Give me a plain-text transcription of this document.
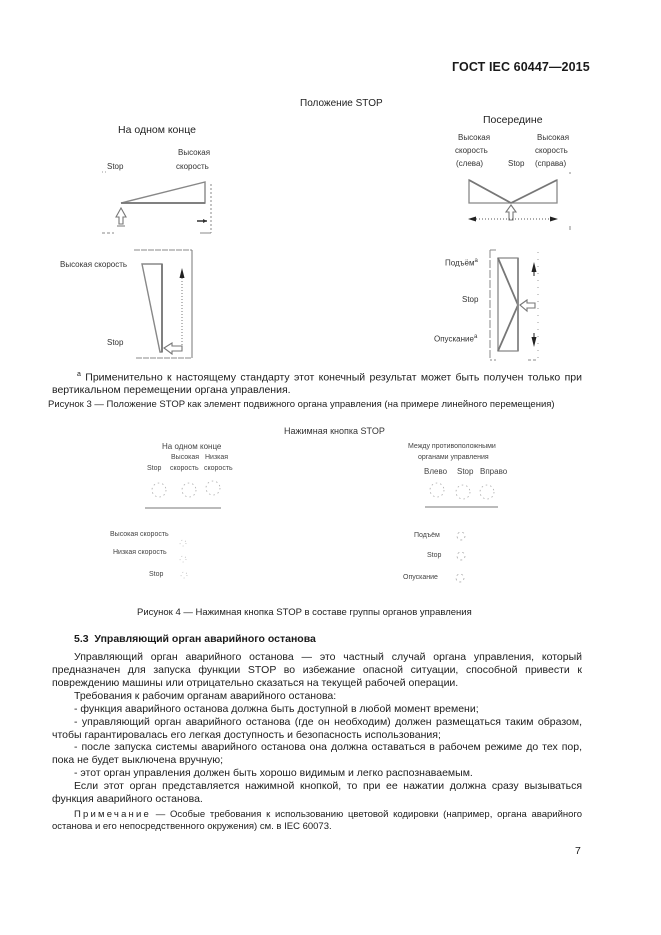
ГОСТ IEC 60447—2015
Положение STOP
На одном конце
Stop
Высокая
скорость
Высокая скорость
Stop
Посередине
Высокая
скорость
(слева)	Stop
Высокая
скорость
(справа)
Подъём$^a$
Stop
Опускание$^a$
$^a$ Применительно к настоящему стандарту этот конечный результат может быть получен только при вертикальном перемещении органа управления.
Рисунок 3 — Положение STOP как элемент подвижного органа управления (на примере линейного перемещения)
Нажимная кнопка STOP
На одном конце
Высокая Низкая
Stop скорость скорость
Между противоположными
органами управления
Влево Stop Вправо
Высокая скорость
Низкая скорость
Stop
Подъём
Stop
Опускание
Рисунок 4 — Нажимная кнопка STOP в составе группы органов управления
5.3  Управляющий орган аварийного останова
Управляющий орган аварийного останова — это частный случай органа управления, который предназначен для запуска функции STOP во избежание опасной ситуации, способной привести к повреждению машины или отрицательно сказаться на текущей рабочей операции.
Требования к рабочим органам аварийного останова:
- функция аварийного останова должна быть доступной в любой момент времени;
- управляющий орган аварийного останова (где он необходим) должен размещаться таким образом, чтобы гарантировалась его легкая доступность и безопасность использования;
- после запуска системы аварийного останова она должна оставаться в рабочем режиме до тех пор, пока не будет выключена вручную;
- этот орган управления должен быть хорошо видимым и легко распознаваемым.
Если этот орган представляется нажимной кнопкой, то при ее нажатии должна сразу вызываться функция аварийного останова.
Примечание — Особые требования к использованию цветовой кодировки (например, органа аварийного останова и его непосредственного окружения) см. в IEC 60073.
7
